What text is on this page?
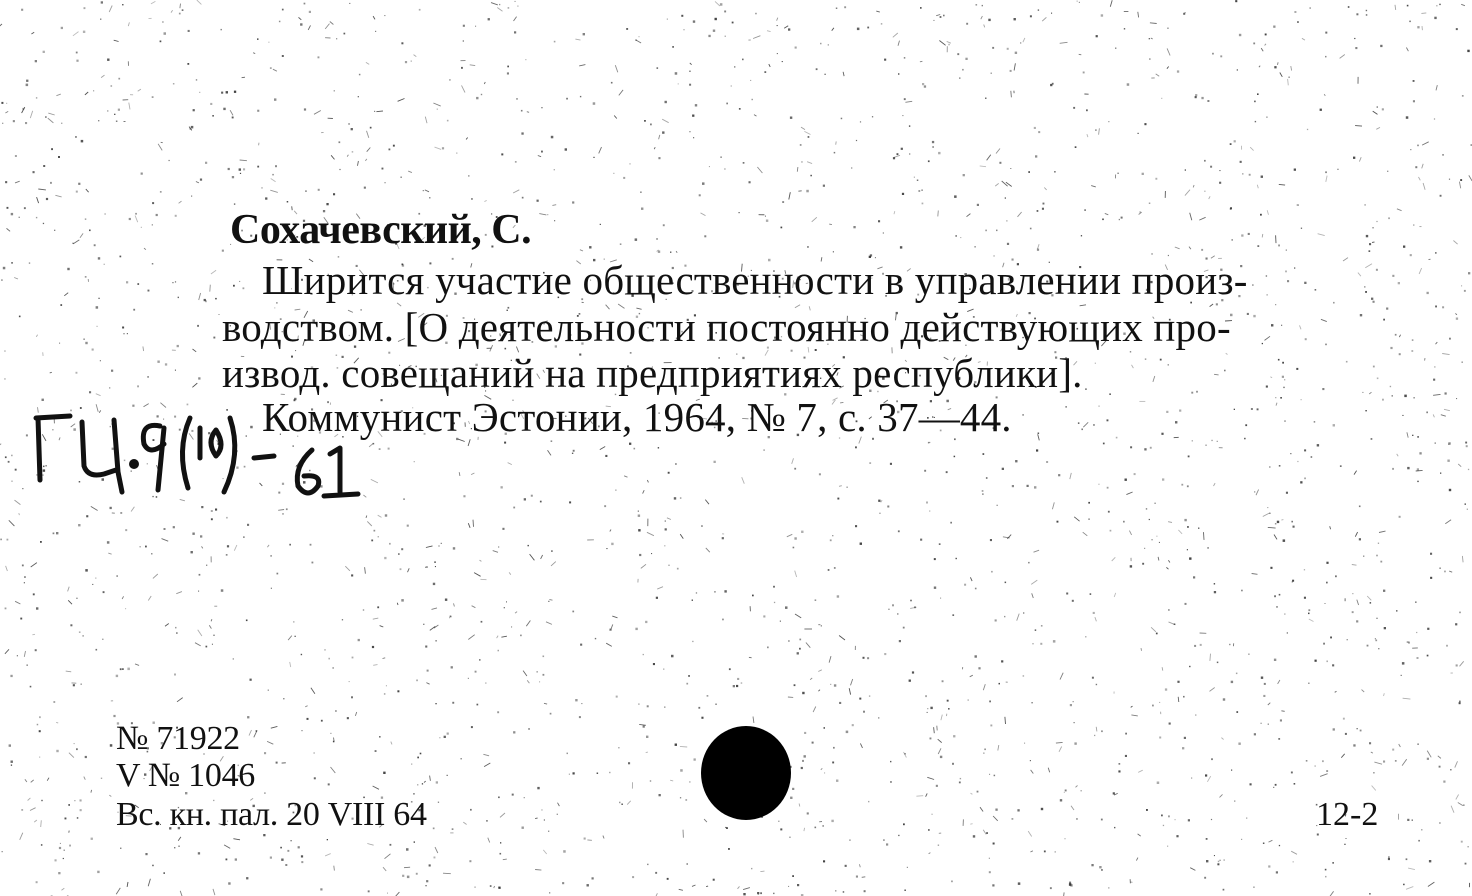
Сохачевский, С.
Ширится участие общественности в управлении произ-
водством. [О деятельности постоянно действующих про-
извод. совещаний на предприятиях республики].
Коммунист Эстонии, 1964, № 7, с. 37—44.
№ 71922
V № 1046
Вс. кн. пал. 20 VIII 64	12-2
